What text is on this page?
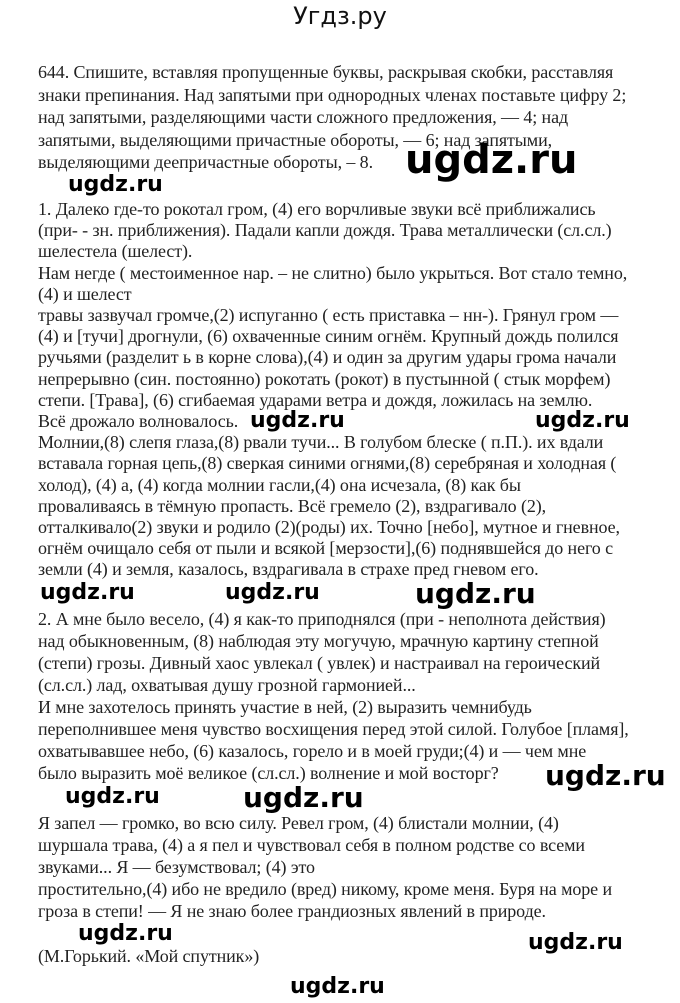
Угдз.ру
644. Спишите, вставляя пропущенные буквы, раскрывая скобки, расставляя
знаки препинания. Над запятыми при однородных членах поставьте цифру 2;
над запятыми, разделяющими части сложного предложения, — 4; над
запятыми, выделяющими причастные обороты, — 6; над запятыми,
выделяющими деепричастные обороты, – 8.
1. Далеко где-то рокотал гром, (4) его ворчливые звуки всё приближались
(при- - зн. приближения). Падали капли дождя. Трава металлически (сл.сл.)
шелестела (шелест).
Нам негде ( местоименное нар. – не слитно) было укрыться. Вот стало темно,
(4) и шелест
травы зазвучал громче,(2) испуганно ( есть приставка – нн-). Грянул гром —
(4) и [тучи] дрогнули, (6) охваченные синим огнём. Крупный дождь полился
ручьями (разделит ь в корне слова),(4) и один за другим удары грома начали
непрерывно (син. постоянно) рокотать (рокот) в пустынной ( стык морфем)
степи. [Трава], (6) сгибаемая ударами ветра и дождя, ложилась на землю.
Всё дрожало волновалось.
Молнии,(8) слепя глаза,(8) рвали тучи... В голубом блеске ( п.П.). их вдали
вставала горная цепь,(8) сверкая синими огнями,(8) серебряная и холодная (
холод), (4) а, (4) когда молнии гасли,(4) она исчезала, (8) как бы
проваливаясь в тёмную пропасть. Всё гремело (2), вздрагивало (2),
отталкивало(2) звуки и родило (2)(роды) их. Точно [небо], мутное и гневное,
огнём очищало себя от пыли и всякой [мерзости],(6) поднявшейся до него с
земли (4) и земля, казалось, вздрагивала в страхе пред гневом его.
2. А мне было весело, (4) я как-то приподнялся (при - неполнота действия)
над обыкновенным, (8) наблюдая эту могучую, мрачную картину степной
(степи) грозы. Дивный хаос увлекал ( увлек) и настраивал на героический
(сл.сл.) лад, охватывая душу грозной гармонией...
И мне захотелось принять участие в ней, (2) выразить чемнибудь
переполнившее меня чувство восхищения перед этой силой. Голубое [пламя],
охватывавшее небо, (6) казалось, горело и в моей груди;(4) и — чем мне
было выразить моё великое (сл.сл.) волнение и мой восторг?
Я запел — громко, во всю силу. Ревел гром, (4) блистали молнии, (4)
шуршала трава, (4) а я пел и чувствовал себя в полном родстве со всеми
звуками... Я — безумствовал; (4) это
простительно,(4) ибо не вредило (вред) никому, кроме меня. Буря на море и
гроза в степи! — Я не знаю более грандиозных явлений в природе.
(М.Горький. «Мой спутник»)
ugdz.ru
ugdz.ru
ugdz.ru	ugdz.ru
ugdz.ru	ugdz.ru	ugdz.ru
ugdz.ru
ugdz.ru	ugdz.ru
ugdz.ru	ugdz.ru
ugdz.ru
